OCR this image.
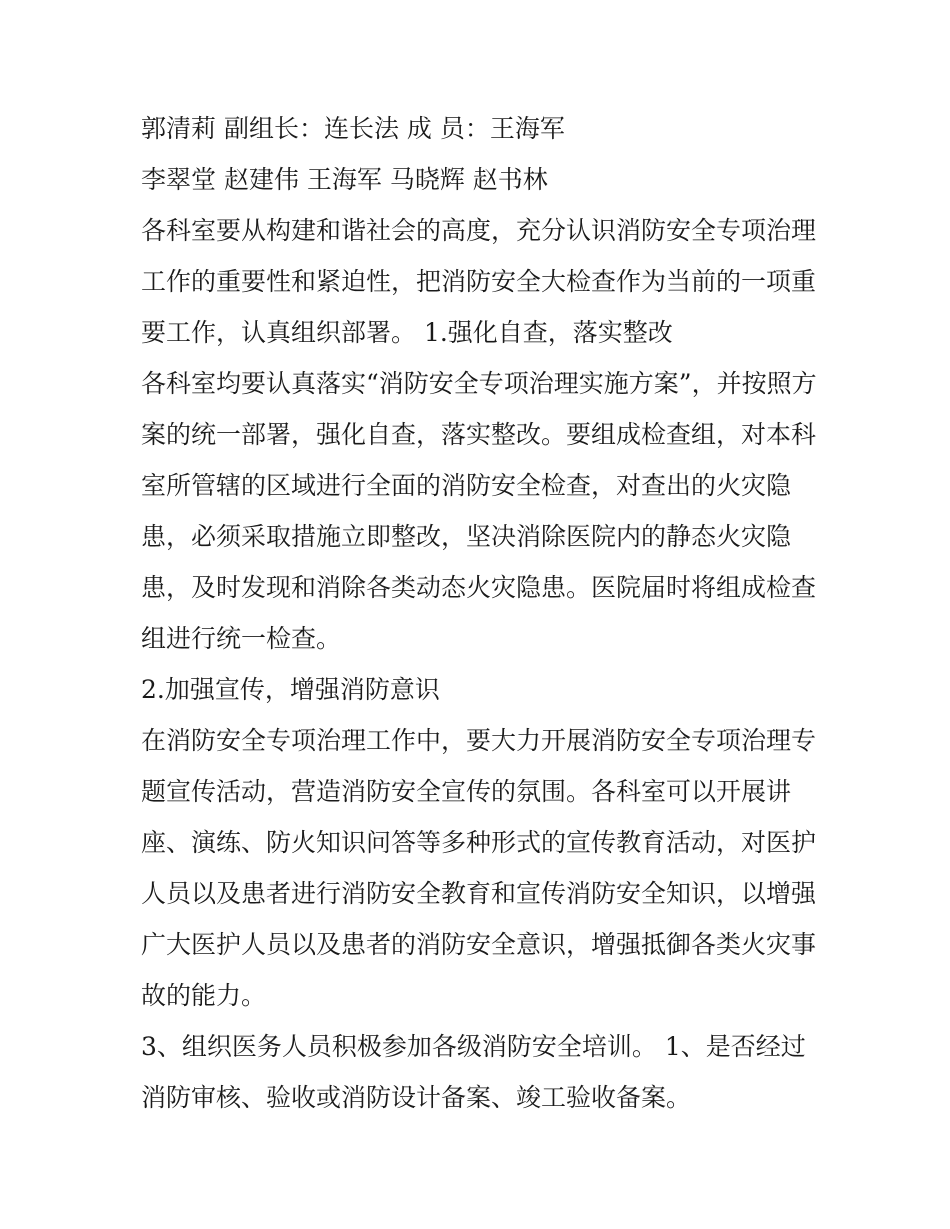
郭清莉 副组长：连长法 成 员：王海军
李翠堂 赵建伟 王海军 马晓辉 赵书林
各科室要从构建和谐社会的高度，充分认识消防安全专项治理
工作的重要性和紧迫性，把消防安全大检查作为当前的一项重
要工作，认真组织部署。 1.强化自查，落实整改
各科室均要认真落实“消防安全专项治理实施方案”，并按照方
案的统一部署，强化自查，落实整改。要组成检查组，对本科
室所管辖的区域进行全面的消防安全检查，对查出的火灾隐
患，必须采取措施立即整改，坚决消除医院内的静态火灾隐
患，及时发现和消除各类动态火灾隐患。医院届时将组成检查
组进行统一检查。
2.加强宣传，增强消防意识
在消防安全专项治理工作中，要大力开展消防安全专项治理专
题宣传活动，营造消防安全宣传的氛围。各科室可以开展讲
座、演练、防火知识问答等多种形式的宣传教育活动，对医护
人员以及患者进行消防安全教育和宣传消防安全知识，以增强
广大医护人员以及患者的消防安全意识，增强抵御各类火灾事
故的能力。
3、组织医务人员积极参加各级消防安全培训。 1、是否经过
消防审核、验收或消防设计备案、竣工验收备案。
